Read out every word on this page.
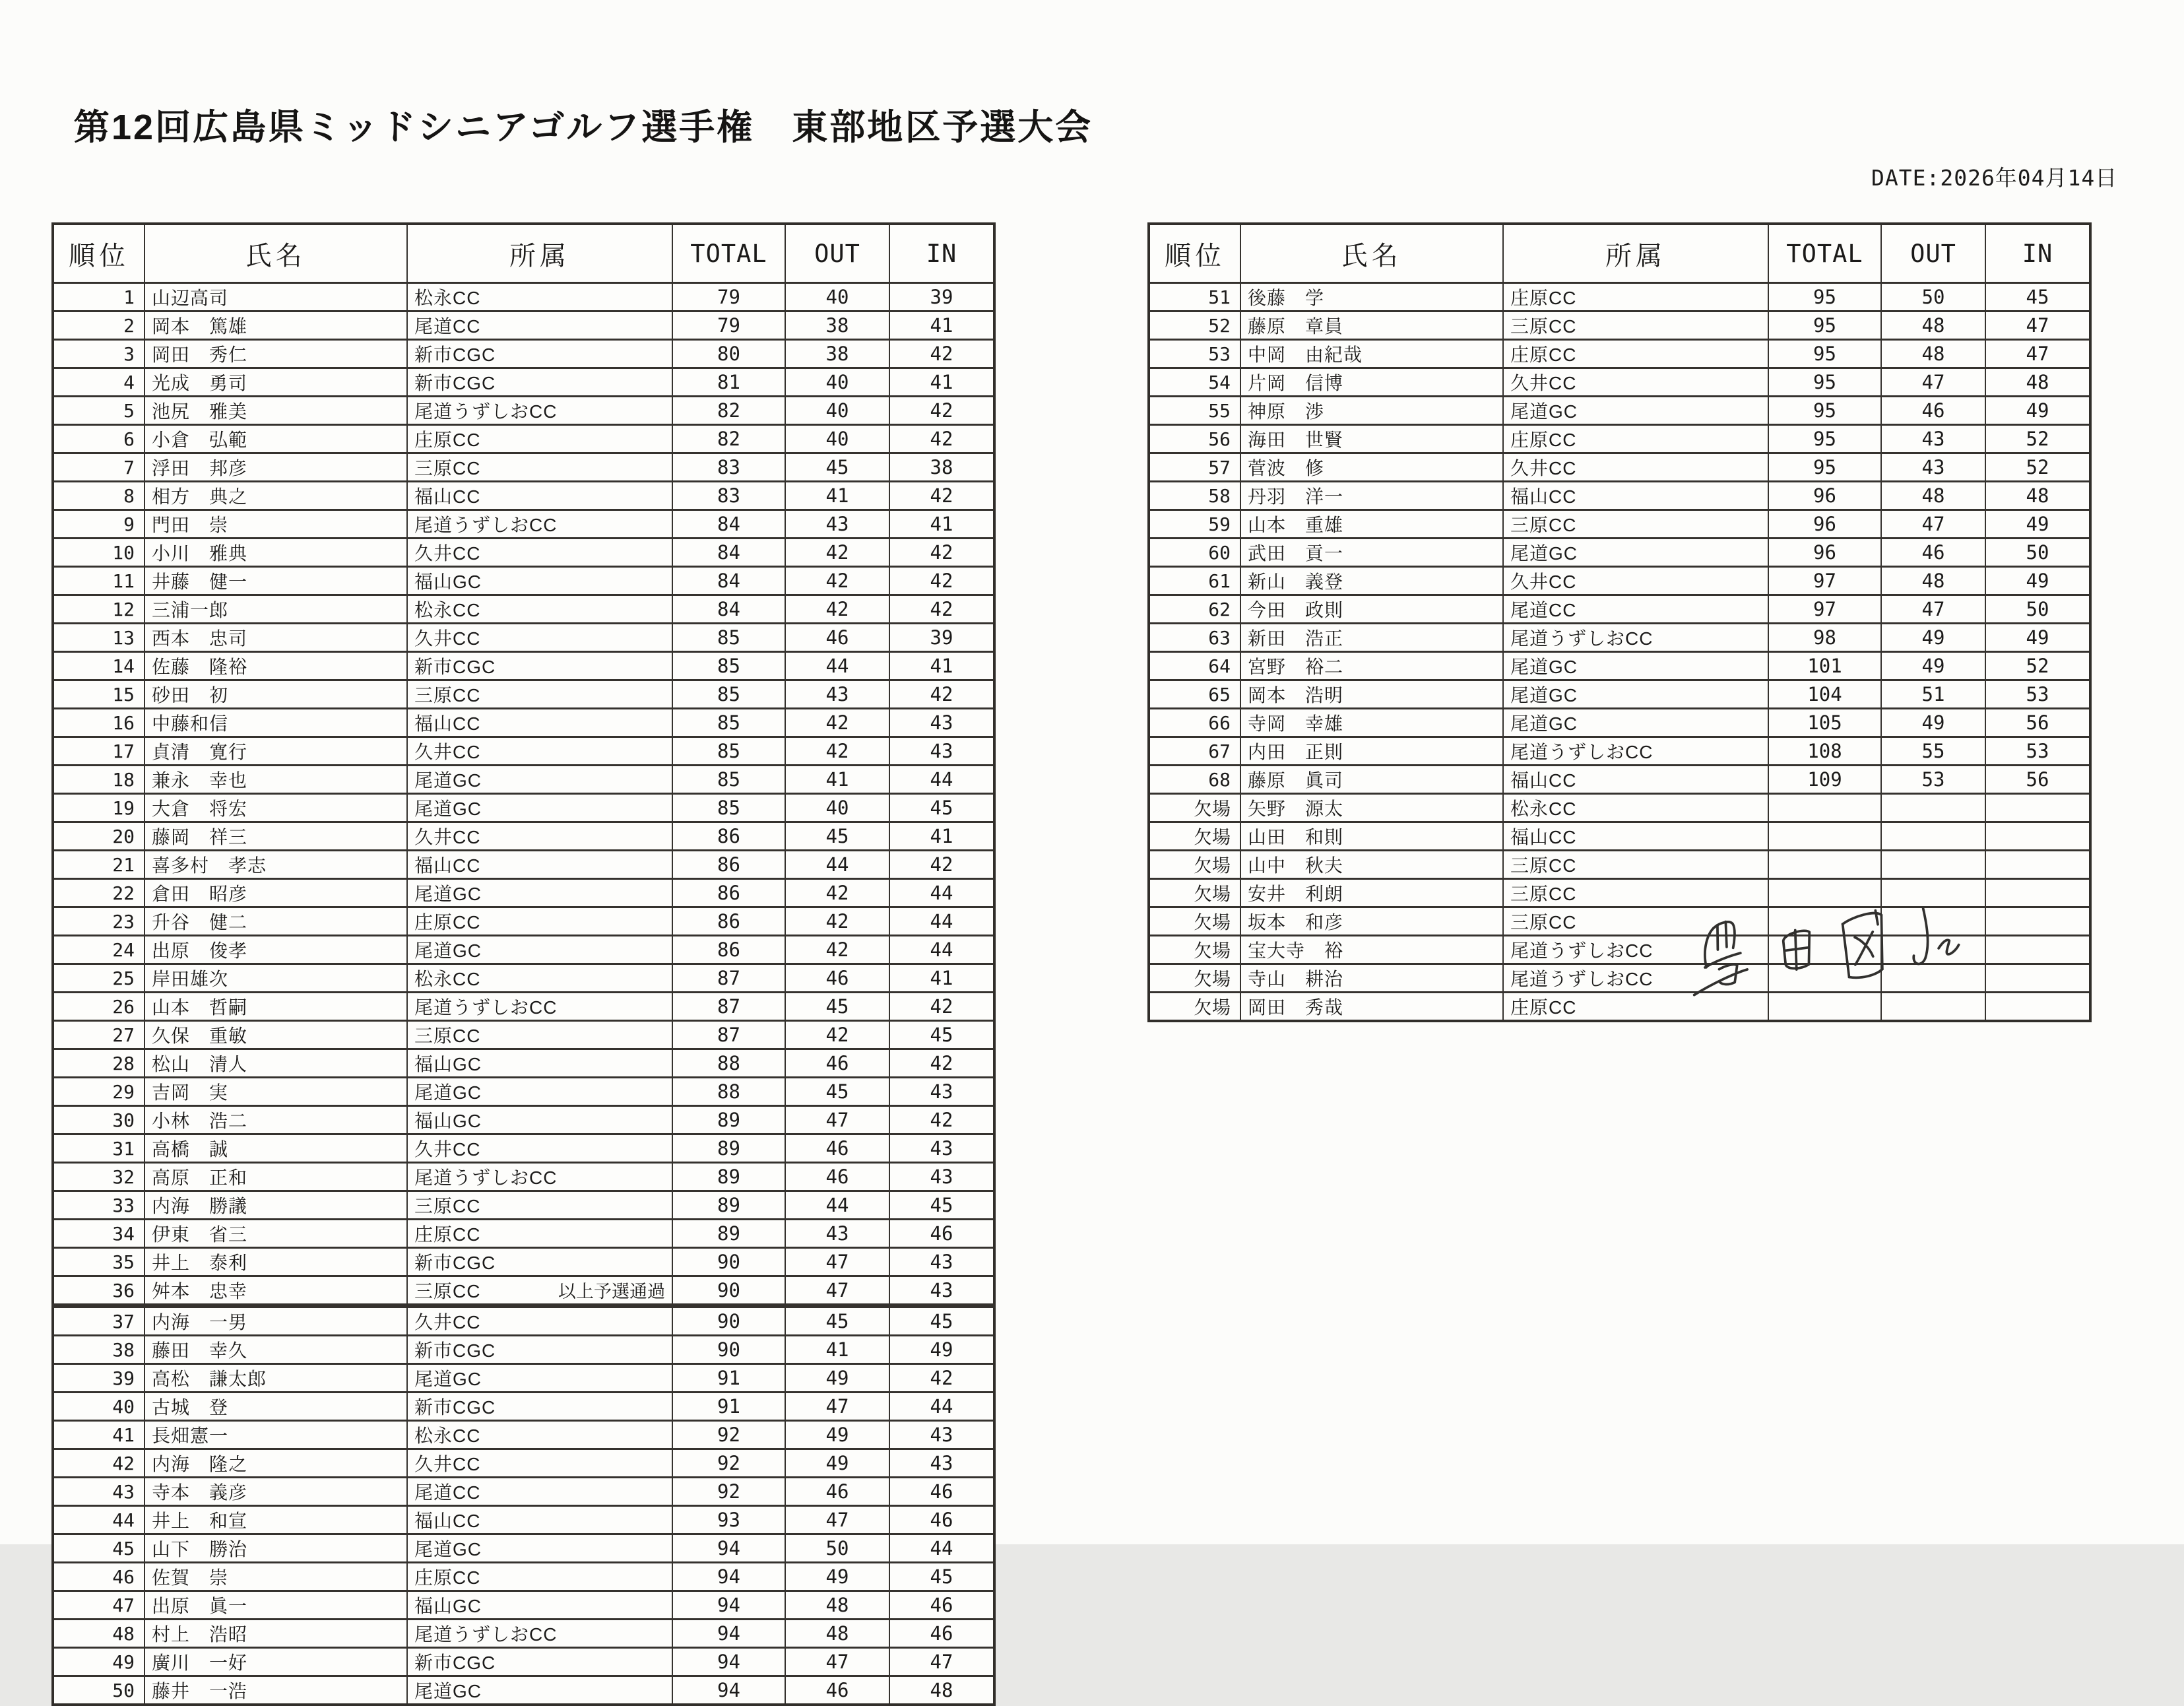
第12回広島県ミッドシニアゴルフ選手権　東部地区予選大会
DATE:2026年04月14日
順位	氏名	所属	TOTAL	OUT	IN
1	山辺高司	松永CC	79	40	39
2	岡本　篤雄	尾道CC	79	38	41
3	岡田　秀仁	新市CGC	80	38	42
4	光成　勇司	新市CGC	81	40	41
5	池尻　雅美	尾道うずしおCC	82	40	42
6	小倉　弘範	庄原CC	82	40	42
7	浮田　邦彦	三原CC	83	45	38
8	相方　典之	福山CC	83	41	42
9	門田　崇	尾道うずしおCC	84	43	41
10	小川　雅典	久井CC	84	42	42
11	井藤　健一	福山GC	84	42	42
12	三浦一郎	松永CC	84	42	42
13	西本　忠司	久井CC	85	46	39
14	佐藤　隆裕	新市CGC	85	44	41
15	砂田　初	三原CC	85	43	42
16	中藤和信	福山CC	85	42	43
17	貞清　寛行	久井CC	85	42	43
18	兼永　幸也	尾道GC	85	41	44
19	大倉　将宏	尾道GC	85	40	45
20	藤岡　祥三	久井CC	86	45	41
21	喜多村　孝志	福山CC	86	44	42
22	倉田　昭彦	尾道GC	86	42	44
23	升谷　健二	庄原CC	86	42	44
24	出原　俊孝	尾道GC	86	42	44
25	岸田雄次	松永CC	87	46	41
26	山本　哲嗣	尾道うずしおCC	87	45	42
27	久保　重敏	三原CC	87	42	45
28	松山　清人	福山GC	88	46	42
29	吉岡　実	尾道GC	88	45	43
30	小林　浩二	福山GC	89	47	42
31	高橋　誠	久井CC	89	46	43
32	高原　正和	尾道うずしおCC	89	46	43
33	内海　勝議	三原CC	89	44	45
34	伊東　省三	庄原CC	89	43	46
35	井上　泰利	新市CGC	90	47	43
36	舛本　忠幸	三原CC 以上予選通過	90	47	43
37	内海　一男	久井CC	90	45	45
38	藤田　幸久	新市CGC	90	41	49
39	高松　謙太郎	尾道GC	91	49	42
40	古城　登	新市CGC	91	47	44
41	長畑憲一	松永CC	92	49	43
42	内海　隆之	久井CC	92	49	43
43	寺本　義彦	尾道CC	92	46	46
44	井上　和宣	福山CC	93	47	46
45	山下　勝治	尾道GC	94	50	44
46	佐賀　崇	庄原CC	94	49	45
47	出原　眞一	福山GC	94	48	46
48	村上　浩昭	尾道うずしおCC	94	48	46
49	廣川　一好	新市CGC	94	47	47
50	藤井　一浩	尾道GC	94	46	48
順位	氏名	所属	TOTAL	OUT	IN
51	後藤　学	庄原CC	95	50	45
52	藤原　章員	三原CC	95	48	47
53	中岡　由紀哉	庄原CC	95	48	47
54	片岡　信博	久井CC	95	47	48
55	神原　渉	尾道GC	95	46	49
56	海田　世賢	庄原CC	95	43	52
57	菅波　修	久井CC	95	43	52
58	丹羽　洋一	福山CC	96	48	48
59	山本　重雄	三原CC	96	47	49
60	武田　貢一	尾道GC	96	46	50
61	新山　義登	久井CC	97	48	49
62	今田　政則	尾道CC	97	47	50
63	新田　浩正	尾道うずしおCC	98	49	49
64	宮野　裕二	尾道GC	101	49	52
65	岡本　浩明	尾道GC	104	51	53
66	寺岡　幸雄	尾道GC	105	49	56
67	内田　正則	尾道うずしおCC	108	55	53
68	藤原　眞司	福山CC	109	53	56
欠場	矢野　源太	松永CC			
欠場	山田　和則	福山CC			
欠場	山中　秋夫	三原CC			
欠場	安井　利朗	三原CC			
欠場	坂本　和彦	三原CC			
欠場	宝大寺　裕	尾道うずしおCC			
欠場	寺山　耕治	尾道うずしおCC			
欠場	岡田　秀哉	庄原CC			
